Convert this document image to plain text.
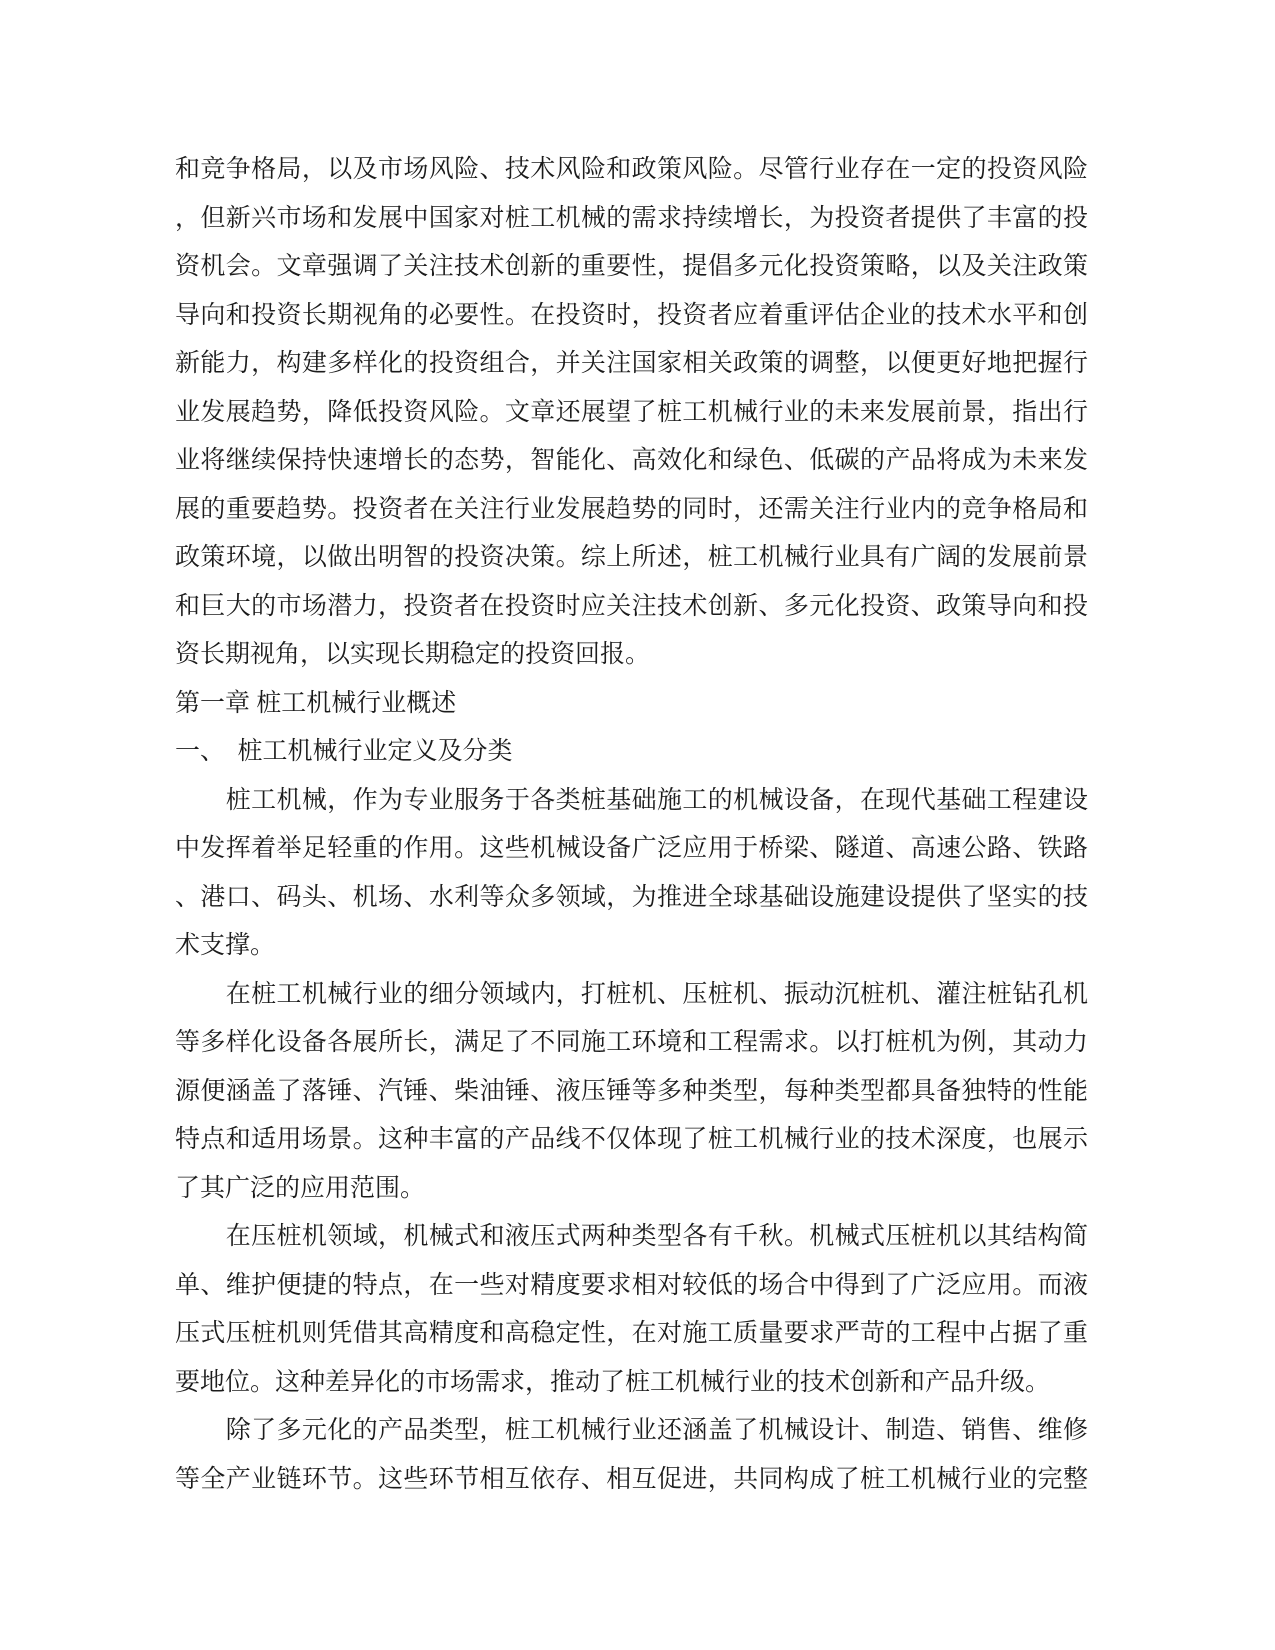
和竞争格局，以及市场风险、技术风险和政策风险。尽管行业存在一定的投资风险

，但新兴市场和发展中国家对桩工机械的需求持续增长，为投资者提供了丰富的投

资机会。文章强调了关注技术创新的重要性，提倡多元化投资策略，以及关注政策

导向和投资长期视角的必要性。在投资时，投资者应着重评估企业的技术水平和创

新能力，构建多样化的投资组合，并关注国家相关政策的调整，以便更好地把握行

业发展趋势，降低投资风险。文章还展望了桩工机械行业的未来发展前景，指出行

业将继续保持快速增长的态势，智能化、高效化和绿色、低碳的产品将成为未来发

展的重要趋势。投资者在关注行业发展趋势的同时，还需关注行业内的竞争格局和

政策环境，以做出明智的投资决策。综上所述，桩工机械行业具有广阔的发展前景

和巨大的市场潜力，投资者在投资时应关注技术创新、多元化投资、政策导向和投

资长期视角，以实现长期稳定的投资回报。

第一章 桩工机械行业概述

一、　桩工机械行业定义及分类

　　桩工机械，作为专业服务于各类桩基础施工的机械设备，在现代基础工程建设

中发挥着举足轻重的作用。这些机械设备广泛应用于桥梁、隧道、高速公路、铁路

、港口、码头、机场、水利等众多领域，为推进全球基础设施建设提供了坚实的技

术支撑。

　　在桩工机械行业的细分领域内，打桩机、压桩机、振动沉桩机、灌注桩钻孔机

等多样化设备各展所长，满足了不同施工环境和工程需求。以打桩机为例，其动力

源便涵盖了落锤、汽锤、柴油锤、液压锤等多种类型，每种类型都具备独特的性能

特点和适用场景。这种丰富的产品线不仅体现了桩工机械行业的技术深度，也展示

了其广泛的应用范围。

　　在压桩机领域，机械式和液压式两种类型各有千秋。机械式压桩机以其结构简

单、维护便捷的特点，在一些对精度要求相对较低的场合中得到了广泛应用。而液

压式压桩机则凭借其高精度和高稳定性，在对施工质量要求严苛的工程中占据了重

要地位。这种差异化的市场需求，推动了桩工机械行业的技术创新和产品升级。

　　除了多元化的产品类型，桩工机械行业还涵盖了机械设计、制造、销售、维修

等全产业链环节。这些环节相互依存、相互促进，共同构成了桩工机械行业的完整
